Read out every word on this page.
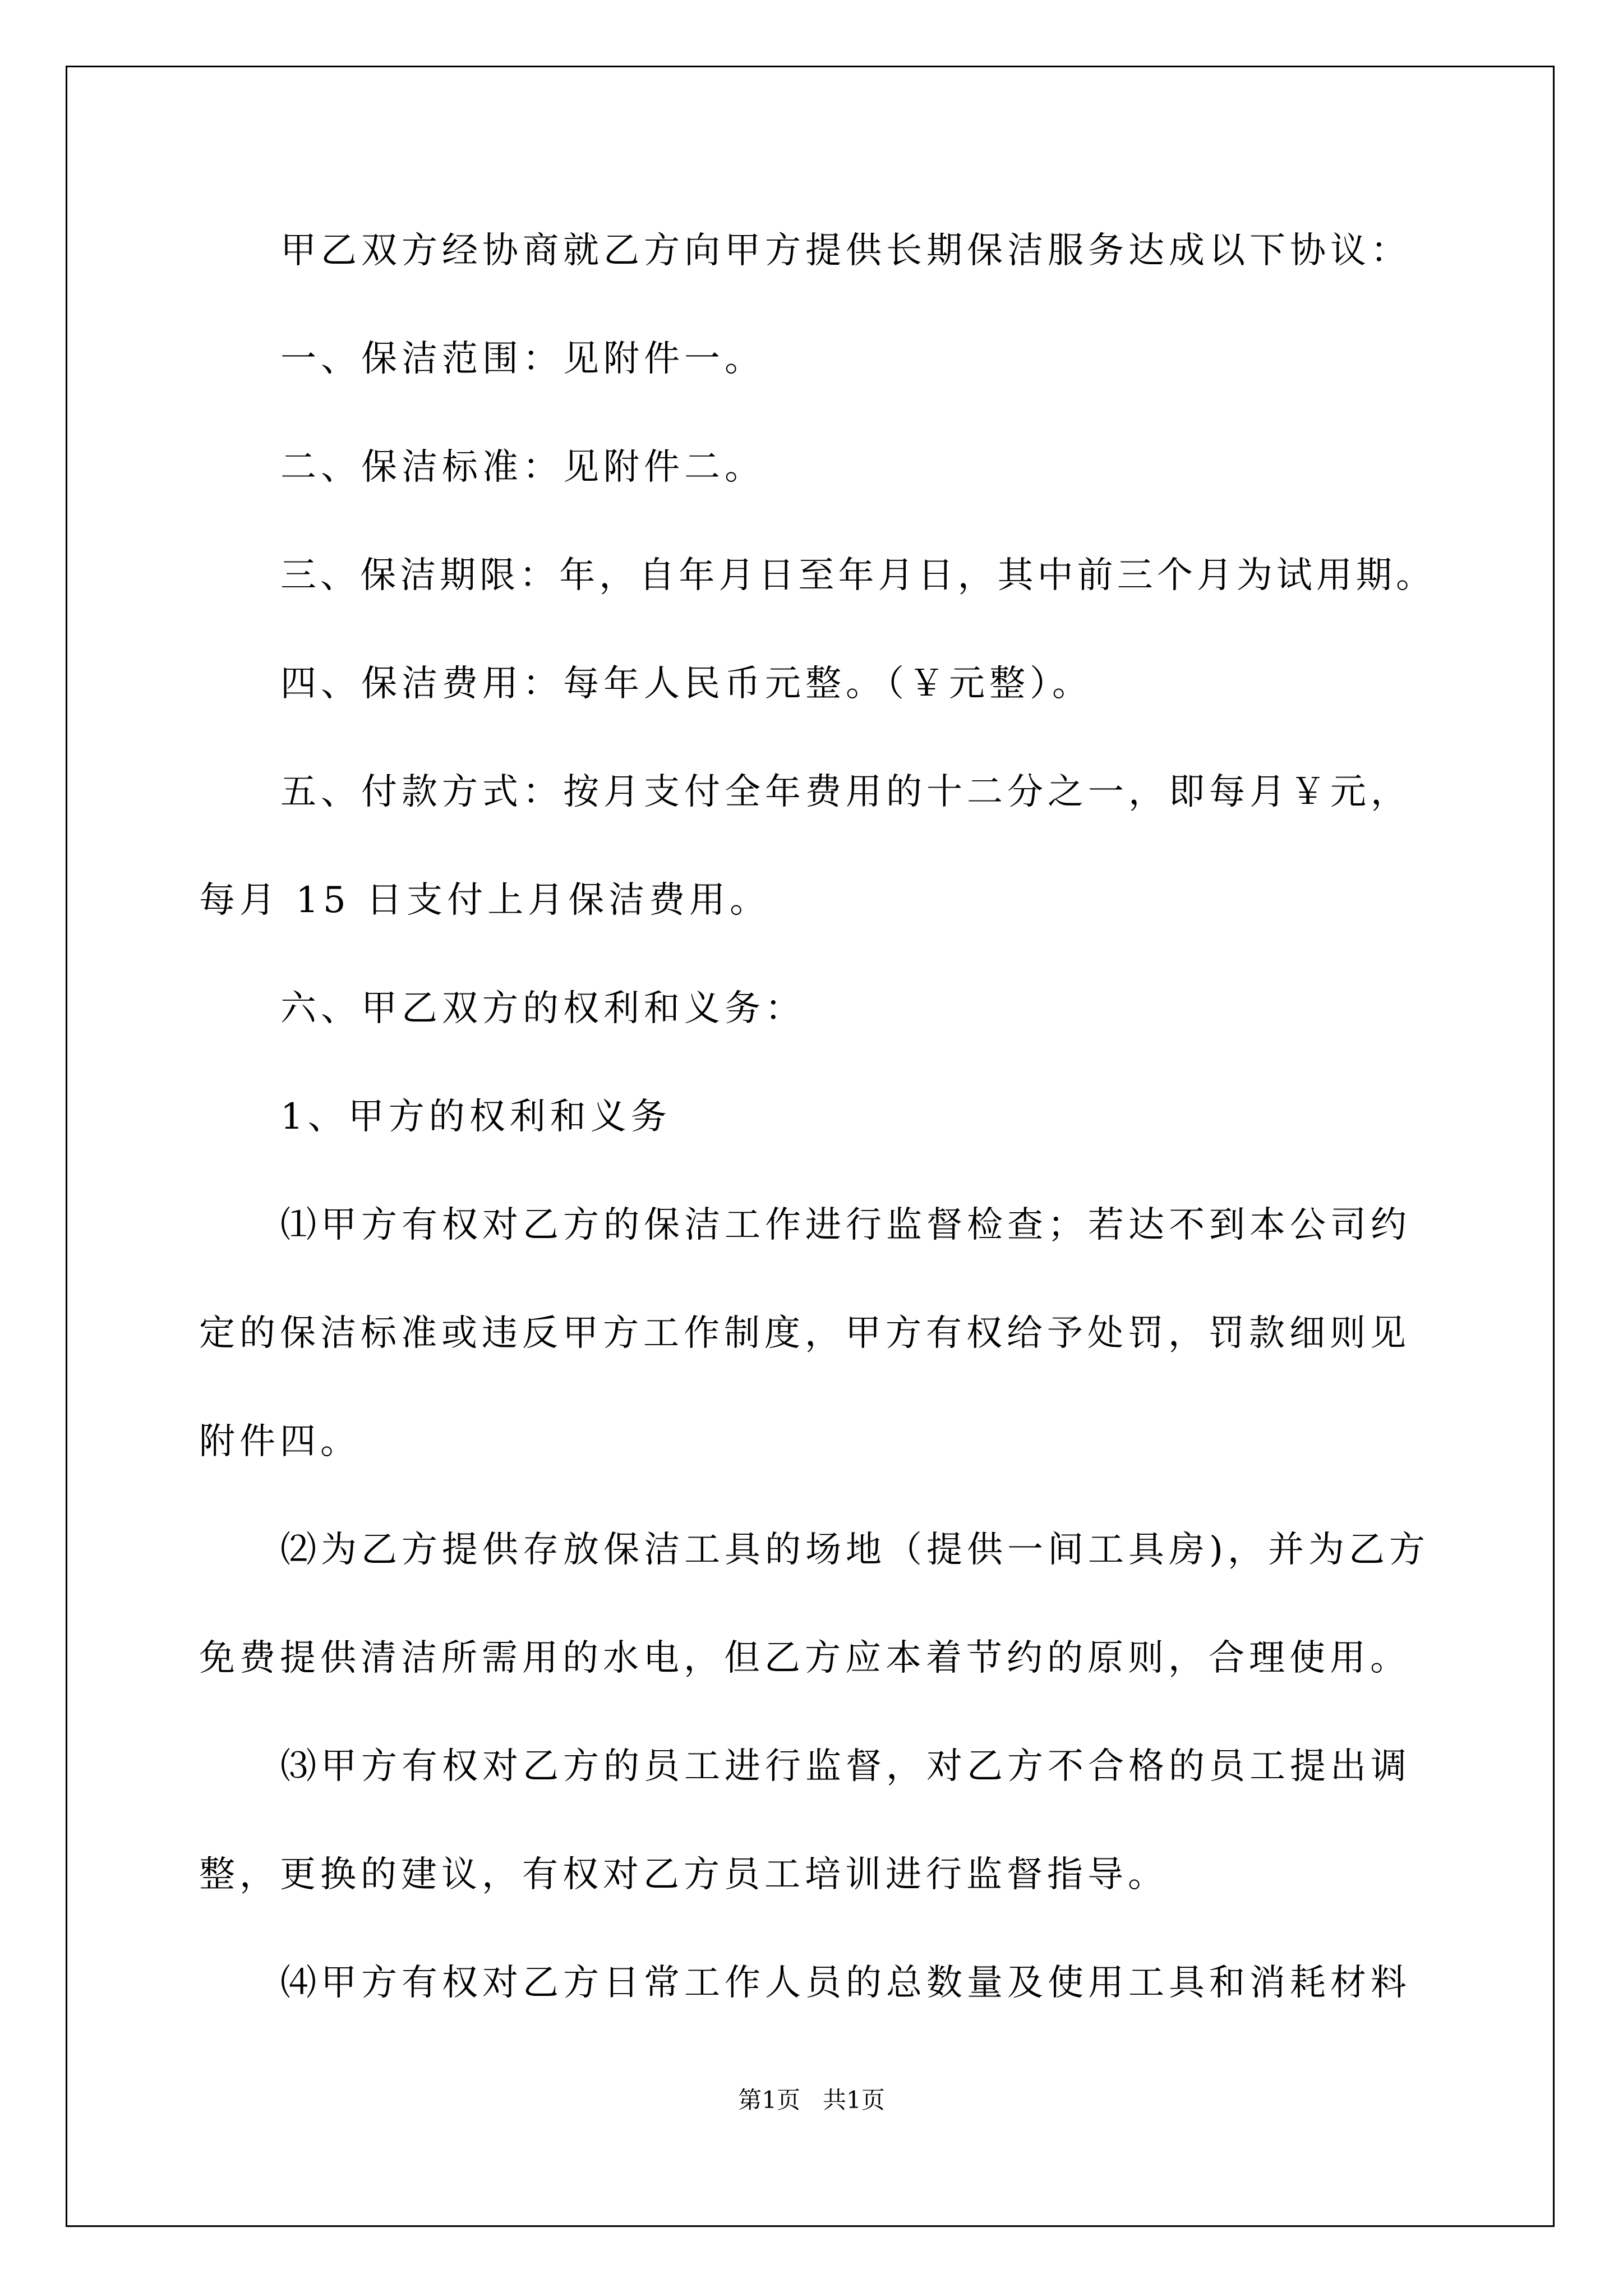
甲乙双方经协商就乙方向甲方提供长期保洁服务达成以下协议：
一、保洁范围：见附件一。
二、保洁标准：见附件二。
三、保洁期限：年，自年月日至年月日，其中前三个月为试用期。
四、保洁费用：每年人民币元整。（￥元整）。
五、付款方式：按月支付全年费用的十二分之一，即每月￥元，
每月 15 日支付上月保洁费用。
六、甲乙双方的权利和义务：
1、甲方的权利和义务
⑴甲方有权对乙方的保洁工作进行监督检查；若达不到本公司约
定的保洁标准或违反甲方工作制度，甲方有权给予处罚，罚款细则见
附件四。
⑵为乙方提供存放保洁工具的场地（提供一间工具房)，并为乙方
免费提供清洁所需用的水电，但乙方应本着节约的原则，合理使用。
⑶甲方有权对乙方的员工进行监督，对乙方不合格的员工提出调
整，更换的建议，有权对乙方员工培训进行监督指导。
⑷甲方有权对乙方日常工作人员的总数量及使用工具和消耗材料
第1页   共1页
